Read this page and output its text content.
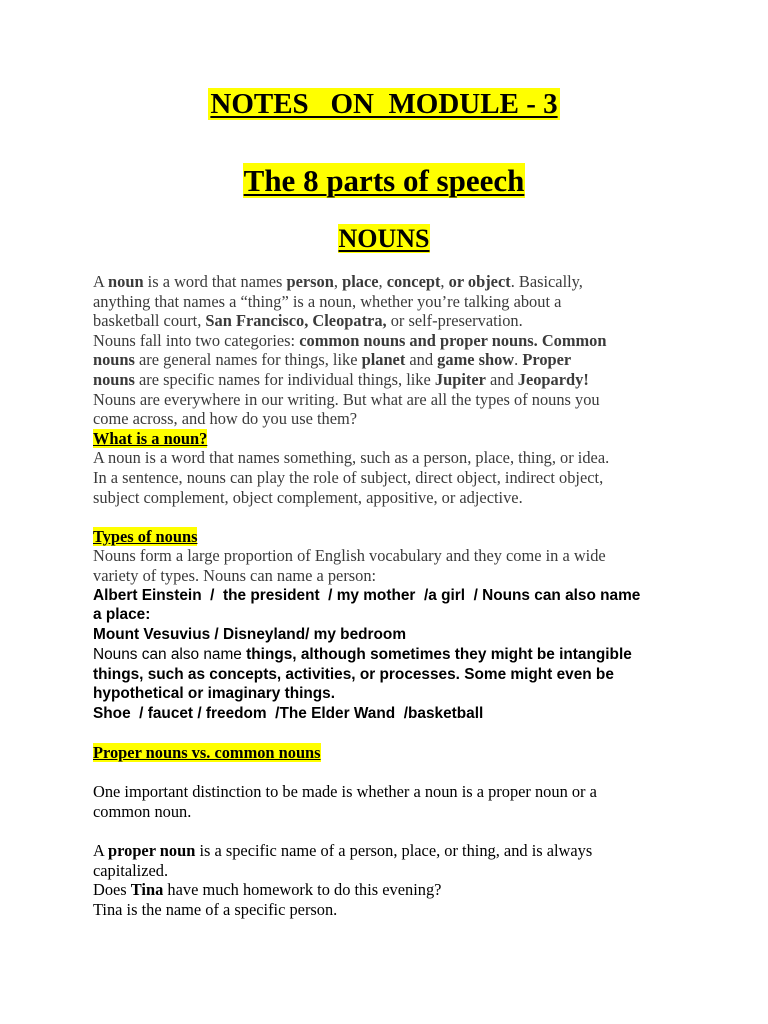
NOTES   ON  MODULE - 3
The 8 parts of speech
NOUNS
A noun is a word that names person, place, concept, or object. Basically,
anything that names a “thing” is a noun, whether you’re talking about a
basketball court, San Francisco, Cleopatra, or self-preservation.
Nouns fall into two categories: common nouns and proper nouns. Common
nouns are general names for things, like planet and game show. Proper
nouns are specific names for individual things, like Jupiter and Jeopardy!
Nouns are everywhere in our writing. But what are all the types of nouns you
come across, and how do you use them?
What is a noun?
A noun is a word that names something, such as a person, place, thing, or idea.
In a sentence, nouns can play the role of subject, direct object, indirect object,
subject complement, object complement, appositive, or adjective.
Types of nouns
Nouns form a large proportion of English vocabulary and they come in a wide
variety of types. Nouns can name a person:
Albert Einstein  /  the president  / my mother  /a girl  / Nouns can also name
a place:
Mount Vesuvius / Disneyland/ my bedroom
Nouns can also name things, although sometimes they might be intangible
things, such as concepts, activities, or processes. Some might even be
hypothetical or imaginary things.
Shoe  / faucet / freedom  /The Elder Wand  /basketball
Proper nouns vs. common nouns
One important distinction to be made is whether a noun is a proper noun or a
common noun.
A proper noun is a specific name of a person, place, or thing, and is always
capitalized.
Does Tina have much homework to do this evening?
Tina is the name of a specific person.
